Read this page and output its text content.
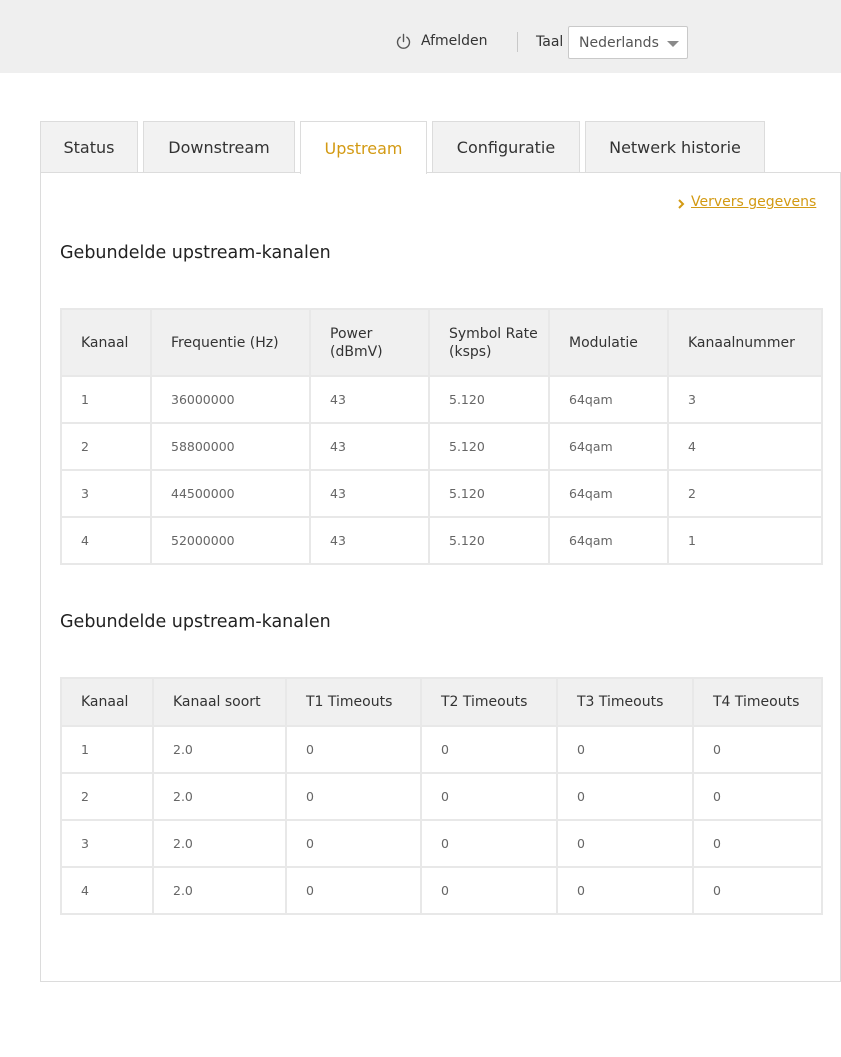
Afmelden	Taal Nederlands
Status	Downstream	Upstream	Configuratie	Netwerk historie
Ververs gegevens
Gebundelde upstream-kanalen
Kanaal	Frequentie (Hz)	Power (dBmV)	Symbol Rate (ksps)	Modulatie	Kanaalnummer
1	36000000	43	5.120	64qam	3
2	58800000	43	5.120	64qam	4
3	44500000	43	5.120	64qam	2
4	52000000	43	5.120	64qam	1
Gebundelde upstream-kanalen
Kanaal	Kanaal soort	T1 Timeouts	T2 Timeouts	T3 Timeouts	T4 Timeouts
1	2.0	0	0	0	0
2	2.0	0	0	0	0
3	2.0	0	0	0	0
4	2.0	0	0	0	0
